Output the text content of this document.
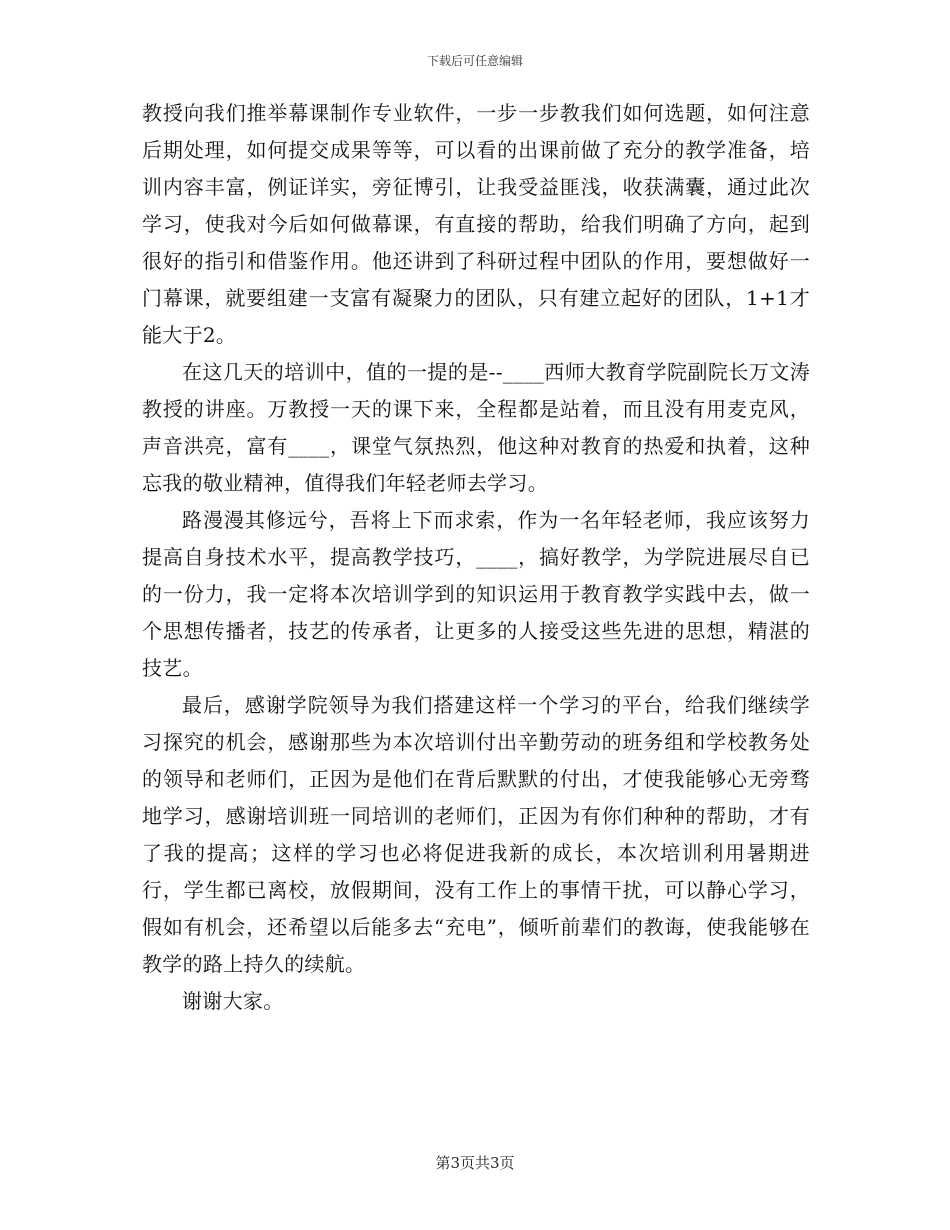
下载后可任意编辑

教授向我们推举幕课制作专业软件，一步一步教我们如何选题，如何注意后期处理，如何提交成果等等，可以看的出课前做了充分的教学准备，培训内容丰富，例证详实，旁征博引，让我受益匪浅，收获满囊，通过此次学习，使我对今后如何做幕课，有直接的帮助，给我们明确了方向，起到很好的指引和借鉴作用。他还讲到了科研过程中团队的作用，要想做好一门幕课，就要组建一支富有凝聚力的团队，只有建立起好的团队，1+1才能大于2。

在这几天的培训中，值的一提的是--____西师大教育学院副院长万文涛教授的讲座。万教授一天的课下来，全程都是站着，而且没有用麦克风，声音洪亮，富有____，课堂气氛热烈，他这种对教育的热爱和执着，这种忘我的敬业精神，值得我们年轻老师去学习。

路漫漫其修远兮，吾将上下而求索，作为一名年轻老师，我应该努力提高自身技术水平，提高教学技巧，____，搞好教学，为学院进展尽自已的一份力，我一定将本次培训学到的知识运用于教育教学实践中去，做一个思想传播者，技艺的传承者，让更多的人接受这些先进的思想，精湛的技艺。

最后，感谢学院领导为我们搭建这样一个学习的平台，给我们继续学习探究的机会，感谢那些为本次培训付出辛勤劳动的班务组和学校教务处的领导和老师们，正因为是他们在背后默默的付出，才使我能够心无旁骛地学习，感谢培训班一同培训的老师们，正因为有你们种种的帮助，才有了我的提高；这样的学习也必将促进我新的成长，本次培训利用暑期进行，学生都已离校，放假期间，没有工作上的事情干扰，可以静心学习，假如有机会，还希望以后能多去“充电”，倾听前辈们的教诲，使我能够在教学的路上持久的续航。

谢谢大家。

第3页共3页
